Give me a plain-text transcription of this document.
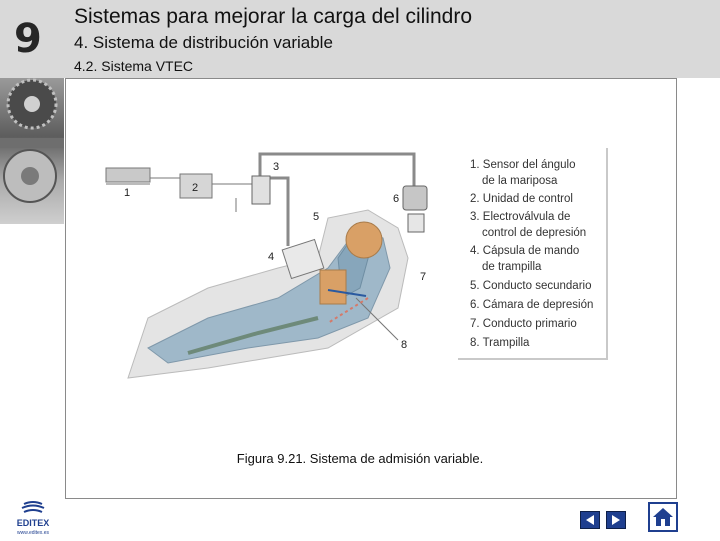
9 Sistemas para mejorar la carga del cilindro
4. Sistema de distribución variable
4.2. Sistema VTEC
1	2
3
6
4
5
7
8
1. Sensor del ángulo
de la mariposa
2. Unidad de control
3. Electroválvula de
control de depresión
4. Cápsula de mando
de trampilla
5. Conducto secundario
6. Cámara de depresión
7. Conducto primario
8. Trampilla
Figura 9.21. Sistema de admisión variable.
EDITEX
www.editex.es
